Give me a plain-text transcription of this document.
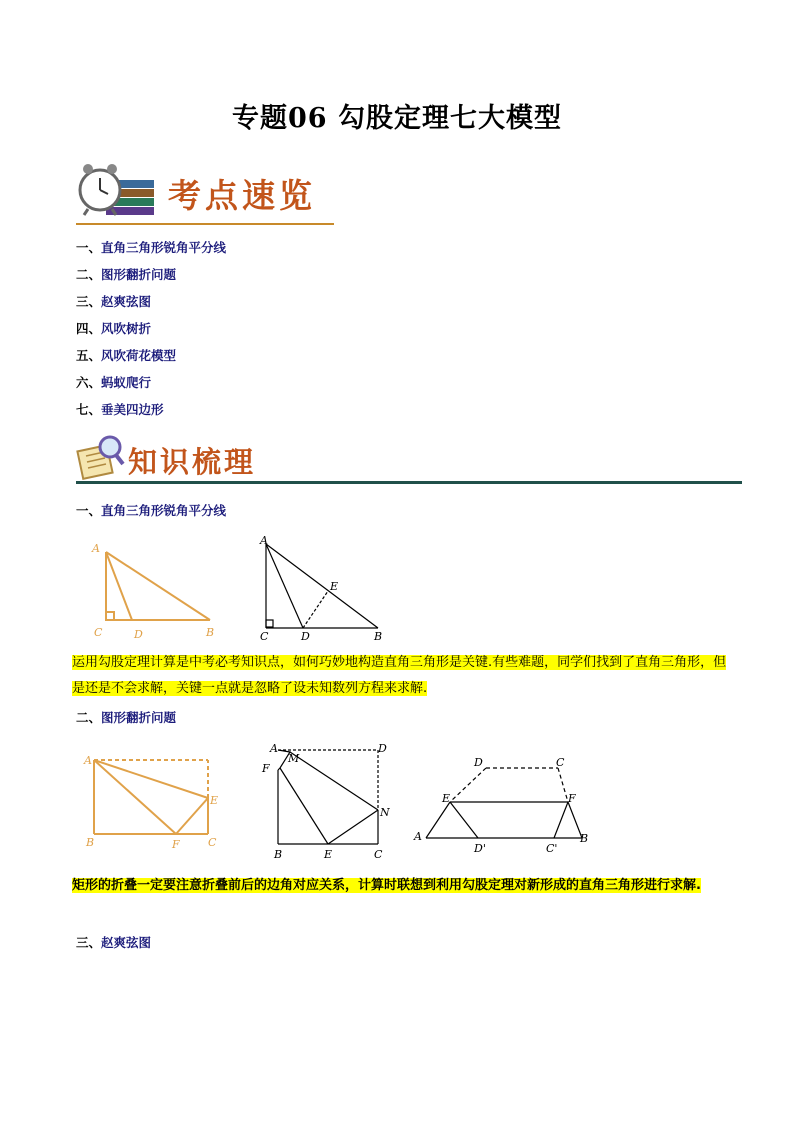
专题06 勾股定理七大模型
考点速览
一、直角三角形锐角平分线
二、图形翻折问题
三、赵爽弦图
四、风吹树折
五、风吹荷花模型
六、蚂蚁爬行
七、垂美四边形
知识梳理
一、直角三角形锐角平分线
A
C	D	B
A
E
C	D	B
运用勾股定理计算是中考必考知识点，如何巧妙地构造直角三角形是关键.有些难题，同学们找到了直角三角形，但是还是不会求解，关键一点就是忽略了设未知数列方程来求解.
二、图形翻折问题
A
E
B	F	C
A
M
D
F
N
B	E	C
D	C
E	F
A
D'	C'
B
矩形的折叠一定要注意折叠前后的边角对应关系，计算时联想到利用勾股定理对新形成的直角三角形进行求解.
三、赵爽弦图
